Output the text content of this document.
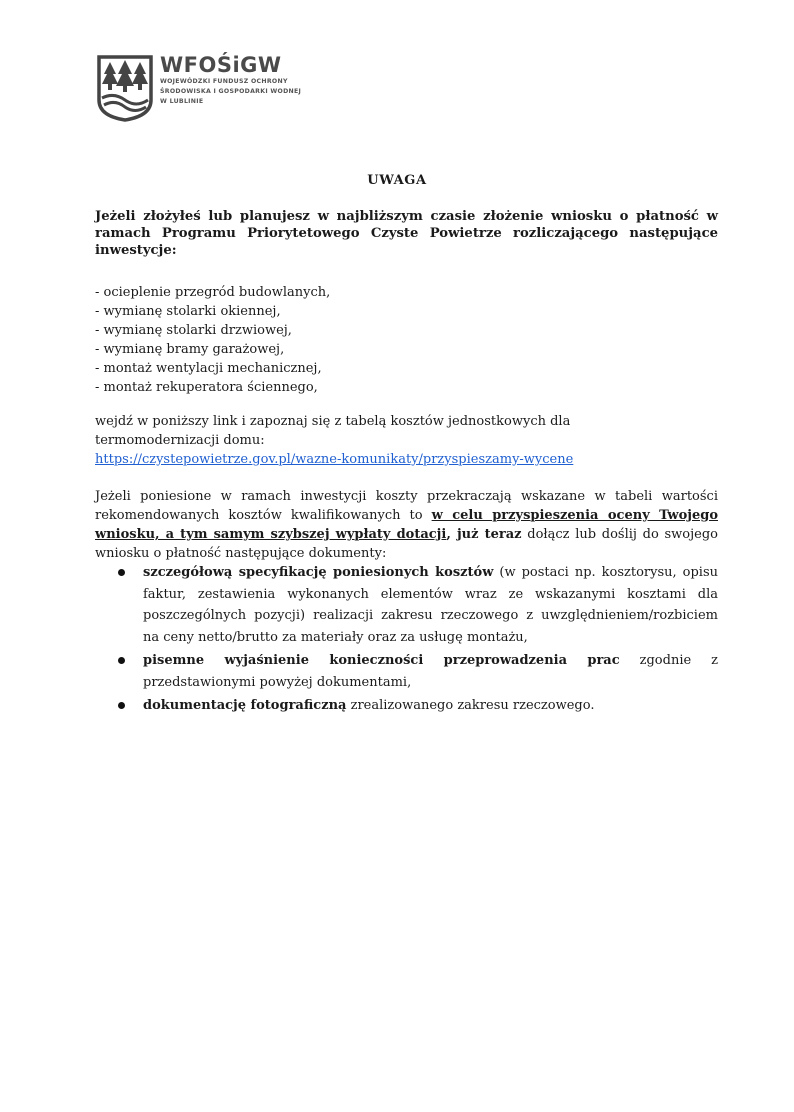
WFOŚiGW
WOJEWÓDZKI FUNDUSZ OCHRONY
ŚRODOWISKA I GOSPODARKI WODNEJ
W LUBLINIE
UWAGA
Jeżeli złożyłeś lub planujesz w najbliższym czasie złożenie wniosku o płatność w
ramach Programu Priorytetowego Czyste Powietrze rozliczającego następujące
inwestycje:
- ocieplenie przegród budowlanych,
- wymianę stolarki okiennej,
- wymianę stolarki drzwiowej,
- wymianę bramy garażowej,
- montaż wentylacji mechanicznej,
- montaż rekuperatora ściennego,
wejdź w poniższy link i zapoznaj się z tabelą kosztów jednostkowych dla
termomodernizacji domu:
https://czystepowietrze.gov.pl/wazne-komunikaty/przyspieszamy-wycene
Jeżeli poniesione w ramach inwestycji koszty przekraczają wskazane w tabeli wartości
rekomendowanych kosztów kwalifikowanych to w celu przyspieszenia oceny Twojego
wniosku, a tym samym szybszej wypłaty dotacji, już teraz dołącz lub doślij do swojego
wniosku o płatność następujące dokumenty:
szczegółową specyfikację poniesionych kosztów (w postaci np. kosztorysu, opisu
faktur, zestawienia wykonanych elementów wraz ze wskazanymi kosztami dla
poszczególnych pozycji) realizacji zakresu rzeczowego z uwzględnieniem/rozbiciem
na ceny netto/brutto za materiały oraz za usługę montażu,
pisemne wyjaśnienie konieczności przeprowadzenia prac zgodnie z
przedstawionymi powyżej dokumentami,
dokumentację fotograficzną zrealizowanego zakresu rzeczowego.
